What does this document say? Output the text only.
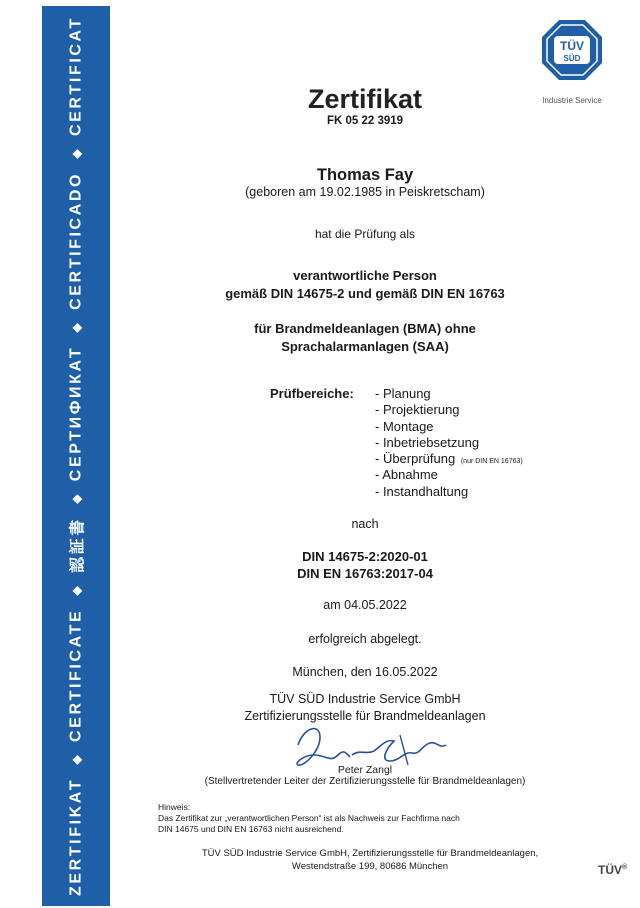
ZERTIFIKAT
◆
CERTIFICATE
◆
認証書
◆
СЕРТИФИКАТ
◆
CERTIFICADO
◆
CERTIFICAT	TÜV
SÜD
Industrie Service
Zertifikat
FK 05 22 3919
Thomas Fay
(geboren am 19.02.1985 in Peiskretscham)
hat die Prüfung als
verantwortliche Person
gemäß DIN 14675-2 und gemäß DIN EN 16763
für Brandmeldeanlagen (BMA) ohne
Sprachalarmanlagen (SAA)
Prüfbereiche: - Planung
- Projektierung
- Montage
- Inbetriebsetzung
- Überprüfung (nur DIN EN 16763)
- Abnahme
- Instandhaltung
nach
DIN 14675-2:2020-01
DIN EN 16763:2017-04
am 04.05.2022
erfolgreich abgelegt.
München, den 16.05.2022
TÜV SÜD Industrie Service GmbH
Zertifizierungsstelle für Brandmeldeanlagen
Peter Zangl
(Stellvertretender Leiter der Zertifizierungsstelle für Brandmeldeanlagen)
Hinweis:
Das Zertifikat zur „verantwortlichen Person“ ist als Nachweis zur Fachfirma nach
DIN 14675 und DIN EN 16763 nicht ausreichend.
TÜV SÜD Industrie Service GmbH, Zertifizierungsstelle für Brandmeldeanlagen,
Westendstraße 199, 80686 München	TÜV®
